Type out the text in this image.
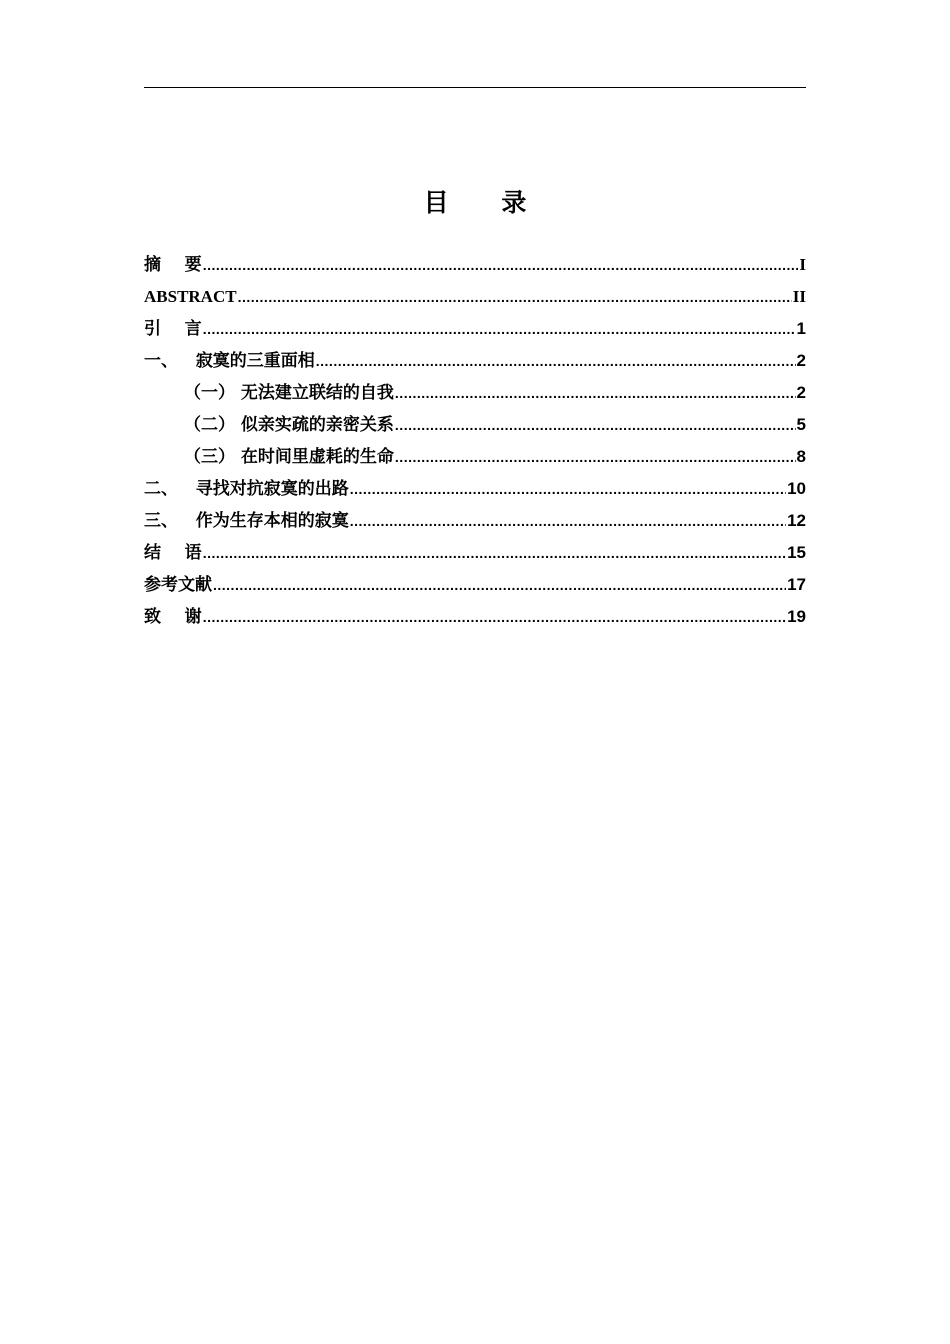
目 录
摘    要 .....	I
ABSTRACT .....	II
引    言 .....	1
一、   寂寞的三重面相 .....	2
（一） 无法建立联结的自我 .....	2
（二） 似亲实疏的亲密关系 .....	5
（三） 在时间里虚耗的生命 .....	8
二、   寻找对抗寂寞的出路 .....	10
三、   作为生存本相的寂寞 .....	12
结    语 .....	15
参考文献 .....	17
致    谢 .....	19
